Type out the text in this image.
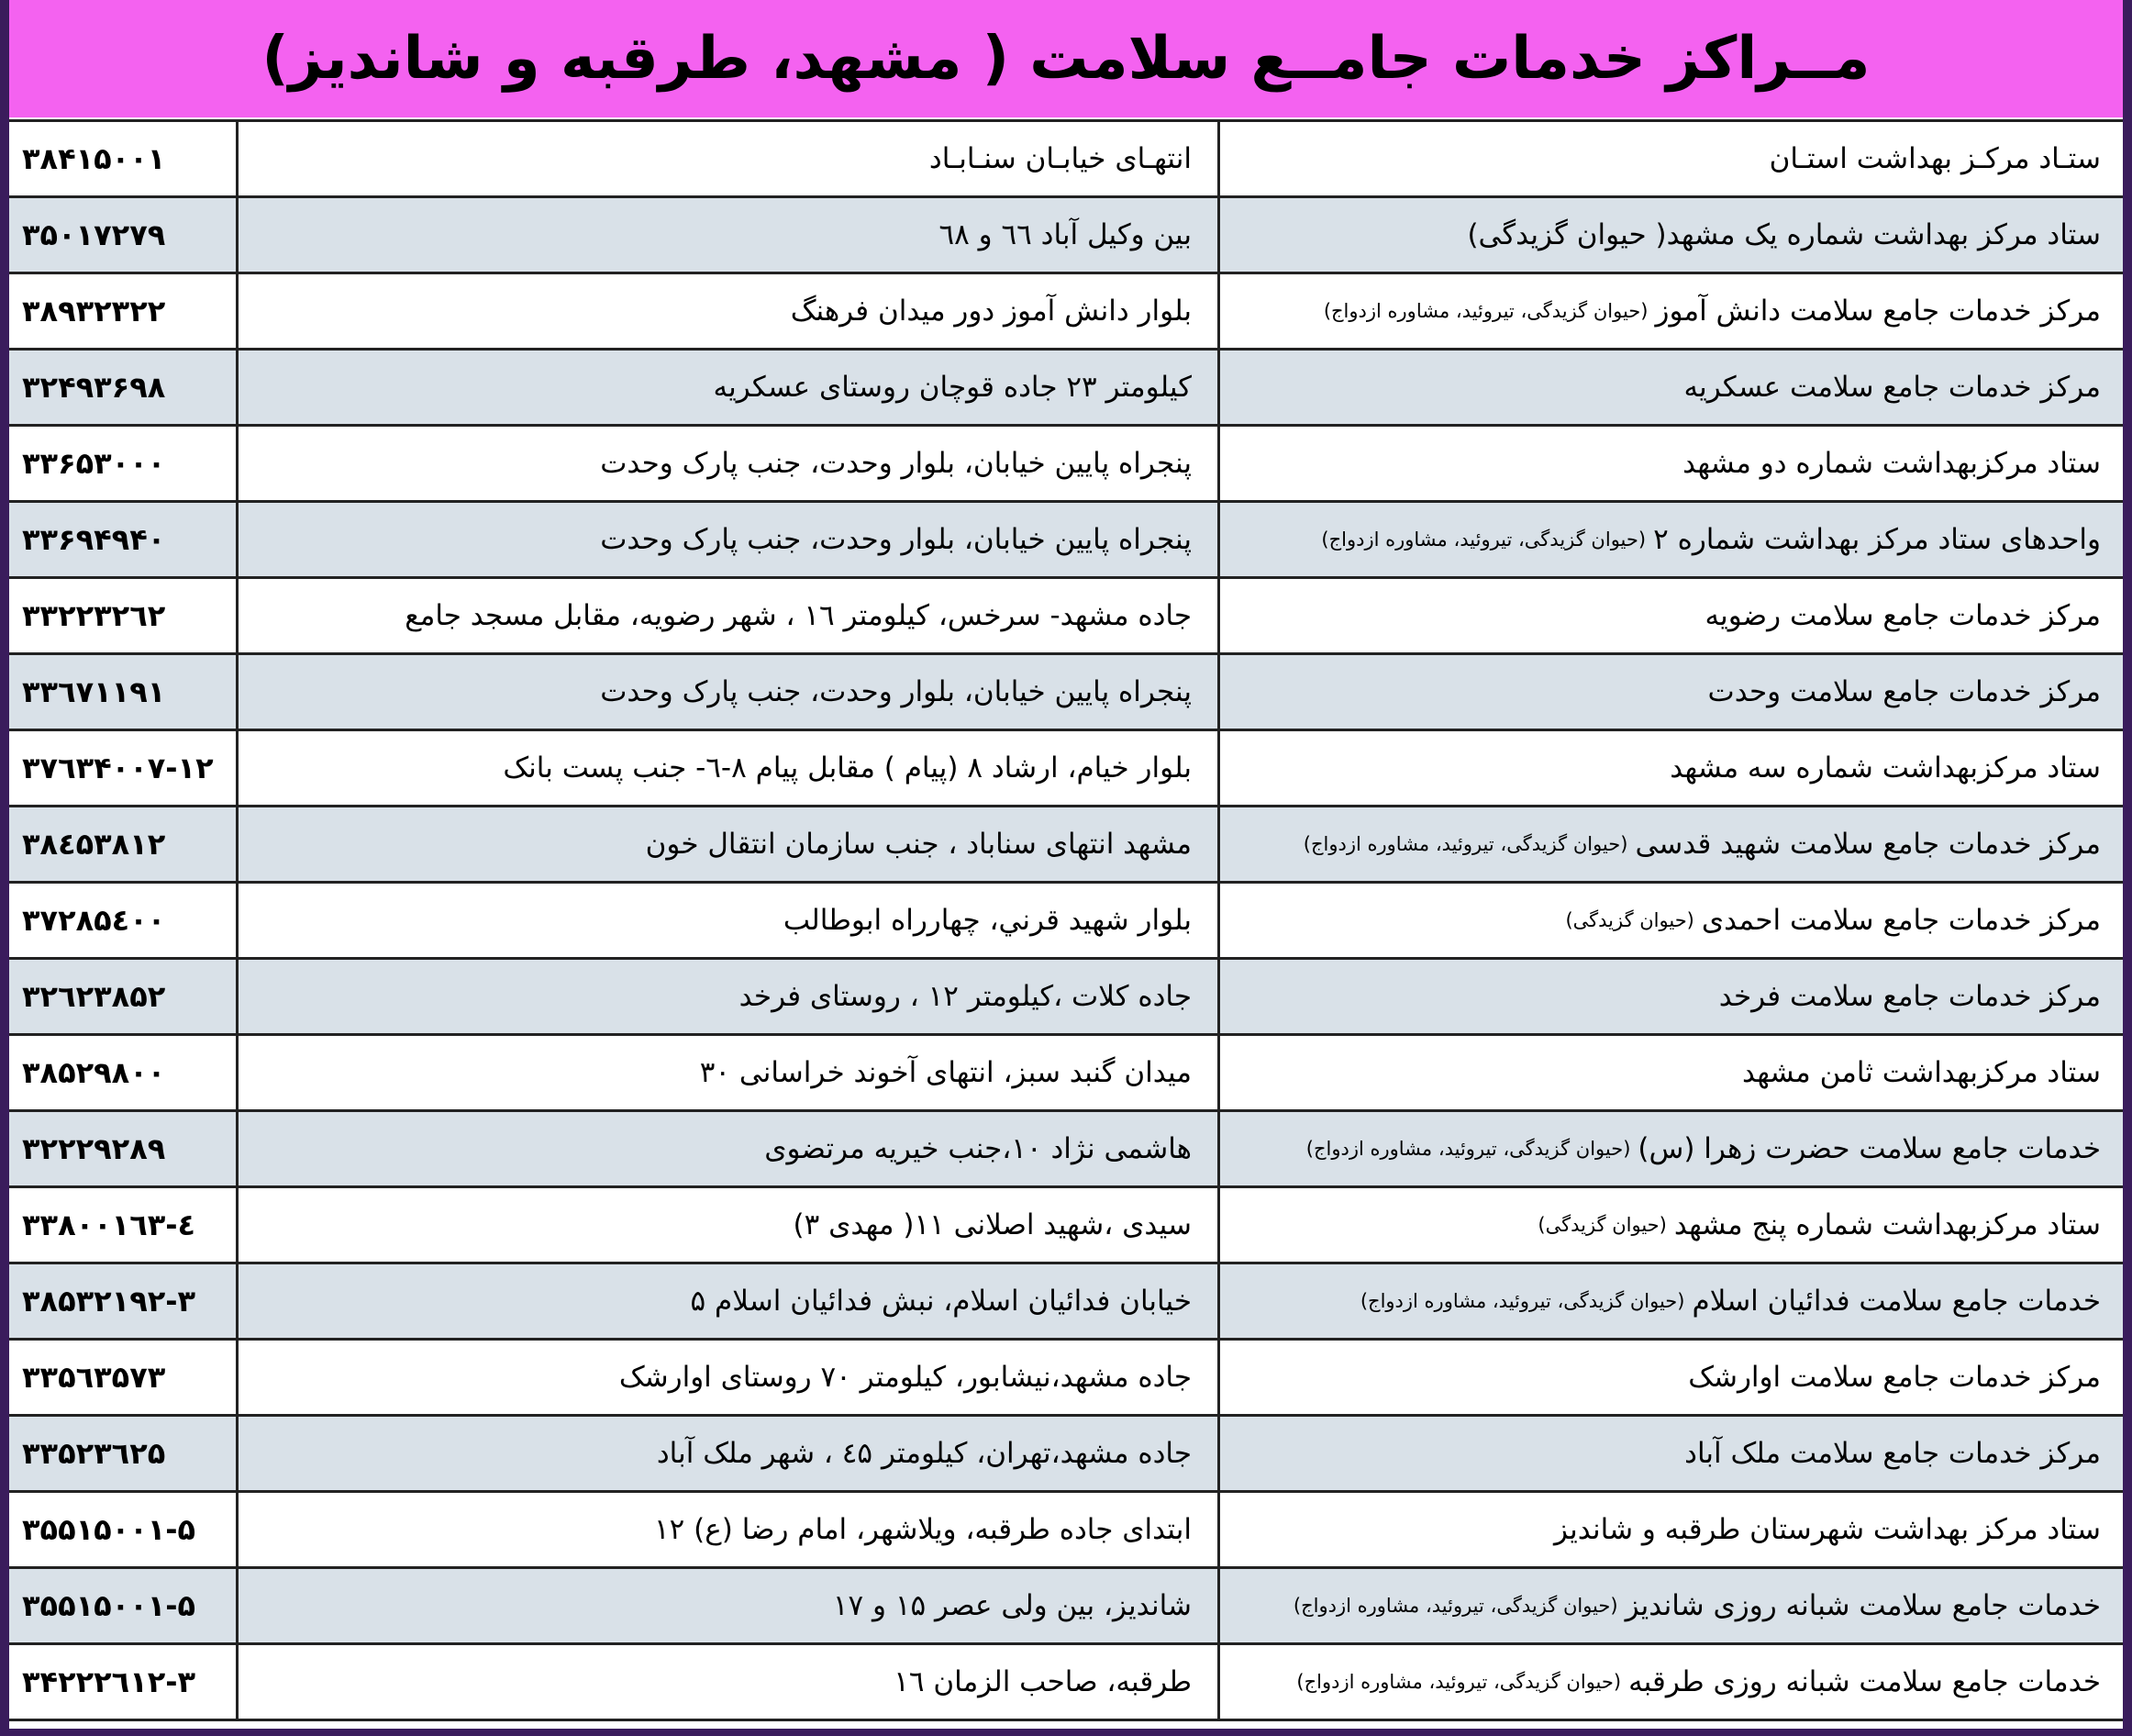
مــراکز خدمات جامــع سلامت ( مشهد، طرقبه و شاندیز)
۳۸۴۱۵۰۰۱	انتهـای خیابـان سنـابـاد	ستـاد مرکـز بهداشت استـان
۳۵۰۱۷۲۷۹	بین وکیل آباد ٦٦ و ٦٨	ستاد مرکز بهداشت شماره یک مشهد( حیوان گزیدگی)
۳۸۹۳۲۳۲۲	بلوار دانش آموز دور میدان فرهنگ	مرکز خدمات جامع سلامت دانش آموز
(حیوان گزیدگی، تیروئید، مشاوره ازدواج)
۳۲۴۹۳۶۹۸	کیلومتر ۲۳ جاده قوچان روستای عسکریه	مرکز خدمات جامع سلامت عسکریه
۳۳۶۵۳۰۰۰	پنجراه پایین خیابان، بلوار وحدت، جنب پارک وحدت	ستاد مرکزبهداشت شماره دو مشهد
۳۳۶۹۴۹۴۰	پنجراه پایین خیابان، بلوار وحدت، جنب پارک وحدت	واحدهای ستاد مرکز بهداشت شماره ۲
(حیوان گزیدگی، تیروئید، مشاوره ازدواج)
۳۳۲۲۳۲٦۲	جاده مشهد- سرخس، کیلومتر ١٦ ، شهر رضویه، مقابل مسجد جامع	مرکز خدمات جامع سلامت رضویه
۳۳٦۷۱۱۹۱	پنجراه پایین خیابان، بلوار وحدت، جنب پارک وحدت	مرکز خدمات جامع سلامت وحدت
۳۷٦۳۴۰۰۷-۱۲	بلوار خیام، ارشاد ۸ (پیام ) مقابل پیام ۸-٦- جنب پست بانک	ستاد مرکزبهداشت شماره سه مشهد
۳۸٤۵۳۸۱۲	مشهد انتهای سناباد ، جنب سازمان انتقال خون	مرکز خدمات جامع سلامت شهید قدسی
(حیوان گزیدگی، تیروئید، مشاوره ازدواج)
۳۷۲۸۵٤۰۰	بلوار شهید قرني، چهارراه ابوطالب	مرکز خدمات جامع سلامت احمدی
(حیوان گزیدگی)
۳۲٦۲۳۸۵۲	جاده کلات ،کیلومتر ۱۲ ، روستای فرخد	مرکز خدمات جامع سلامت فرخد
۳۸۵۲۹۸۰۰	میدان گنبد سبز، انتهای آخوند خراسانی ۳۰	ستاد مرکزبهداشت ثامن مشهد
۳۲۲۲۹۲۸۹	هاشمی نژاد ۱۰،جنب خیریه مرتضوی	خدمات جامع سلامت حضرت زهرا (س)
(حیوان گزیدگی، تیروئید، مشاوره ازدواج)
۳۳۸۰۰۱٦۳-٤	سیدی ،شهید اصلانی ۱۱( مهدی ۳)	ستاد مرکزبهداشت شماره پنج مشهد
(حیوان گزیدگی)
۳۸۵۳۲۱۹۲-۳	خیابان فدائیان اسلام، نبش فدائیان اسلام ۵	خدمات جامع سلامت فدائیان اسلام
(حیوان گزیدگی، تیروئید، مشاوره ازدواج)
۳۳۵٦۳۵۷۳	جاده مشهد،نیشابور، کیلومتر ۷۰ روستای اوارشک	مرکز خدمات جامع سلامت اوارشک
۳۳۵۲۳٦۲۵	جاده مشهد،تهران، کیلومتر ٤۵ ، شهر ملک آباد	مرکز خدمات جامع سلامت ملک آباد
۳۵۵۱۵۰۰۱-۵	ابتدای جاده طرقبه، ویلاشهر، امام رضا (ع) ۱۲	ستاد مرکز بهداشت شهرستان طرقبه و شاندیز
۳۵۵۱۵۰۰۱-۵	شاندیز، بین ولی عصر ۱۵ و ۱۷	خدمات جامع سلامت شبانه روزی شاندیز
(حیوان گزیدگی، تیروئید، مشاوره ازدواج)
۳۴۲۲۲٦۱۲-۳	طرقبه، صاحب الزمان ١٦	خدمات جامع سلامت شبانه روزی طرقبه
(حیوان گزیدگی، تیروئید، مشاوره ازدواج)
